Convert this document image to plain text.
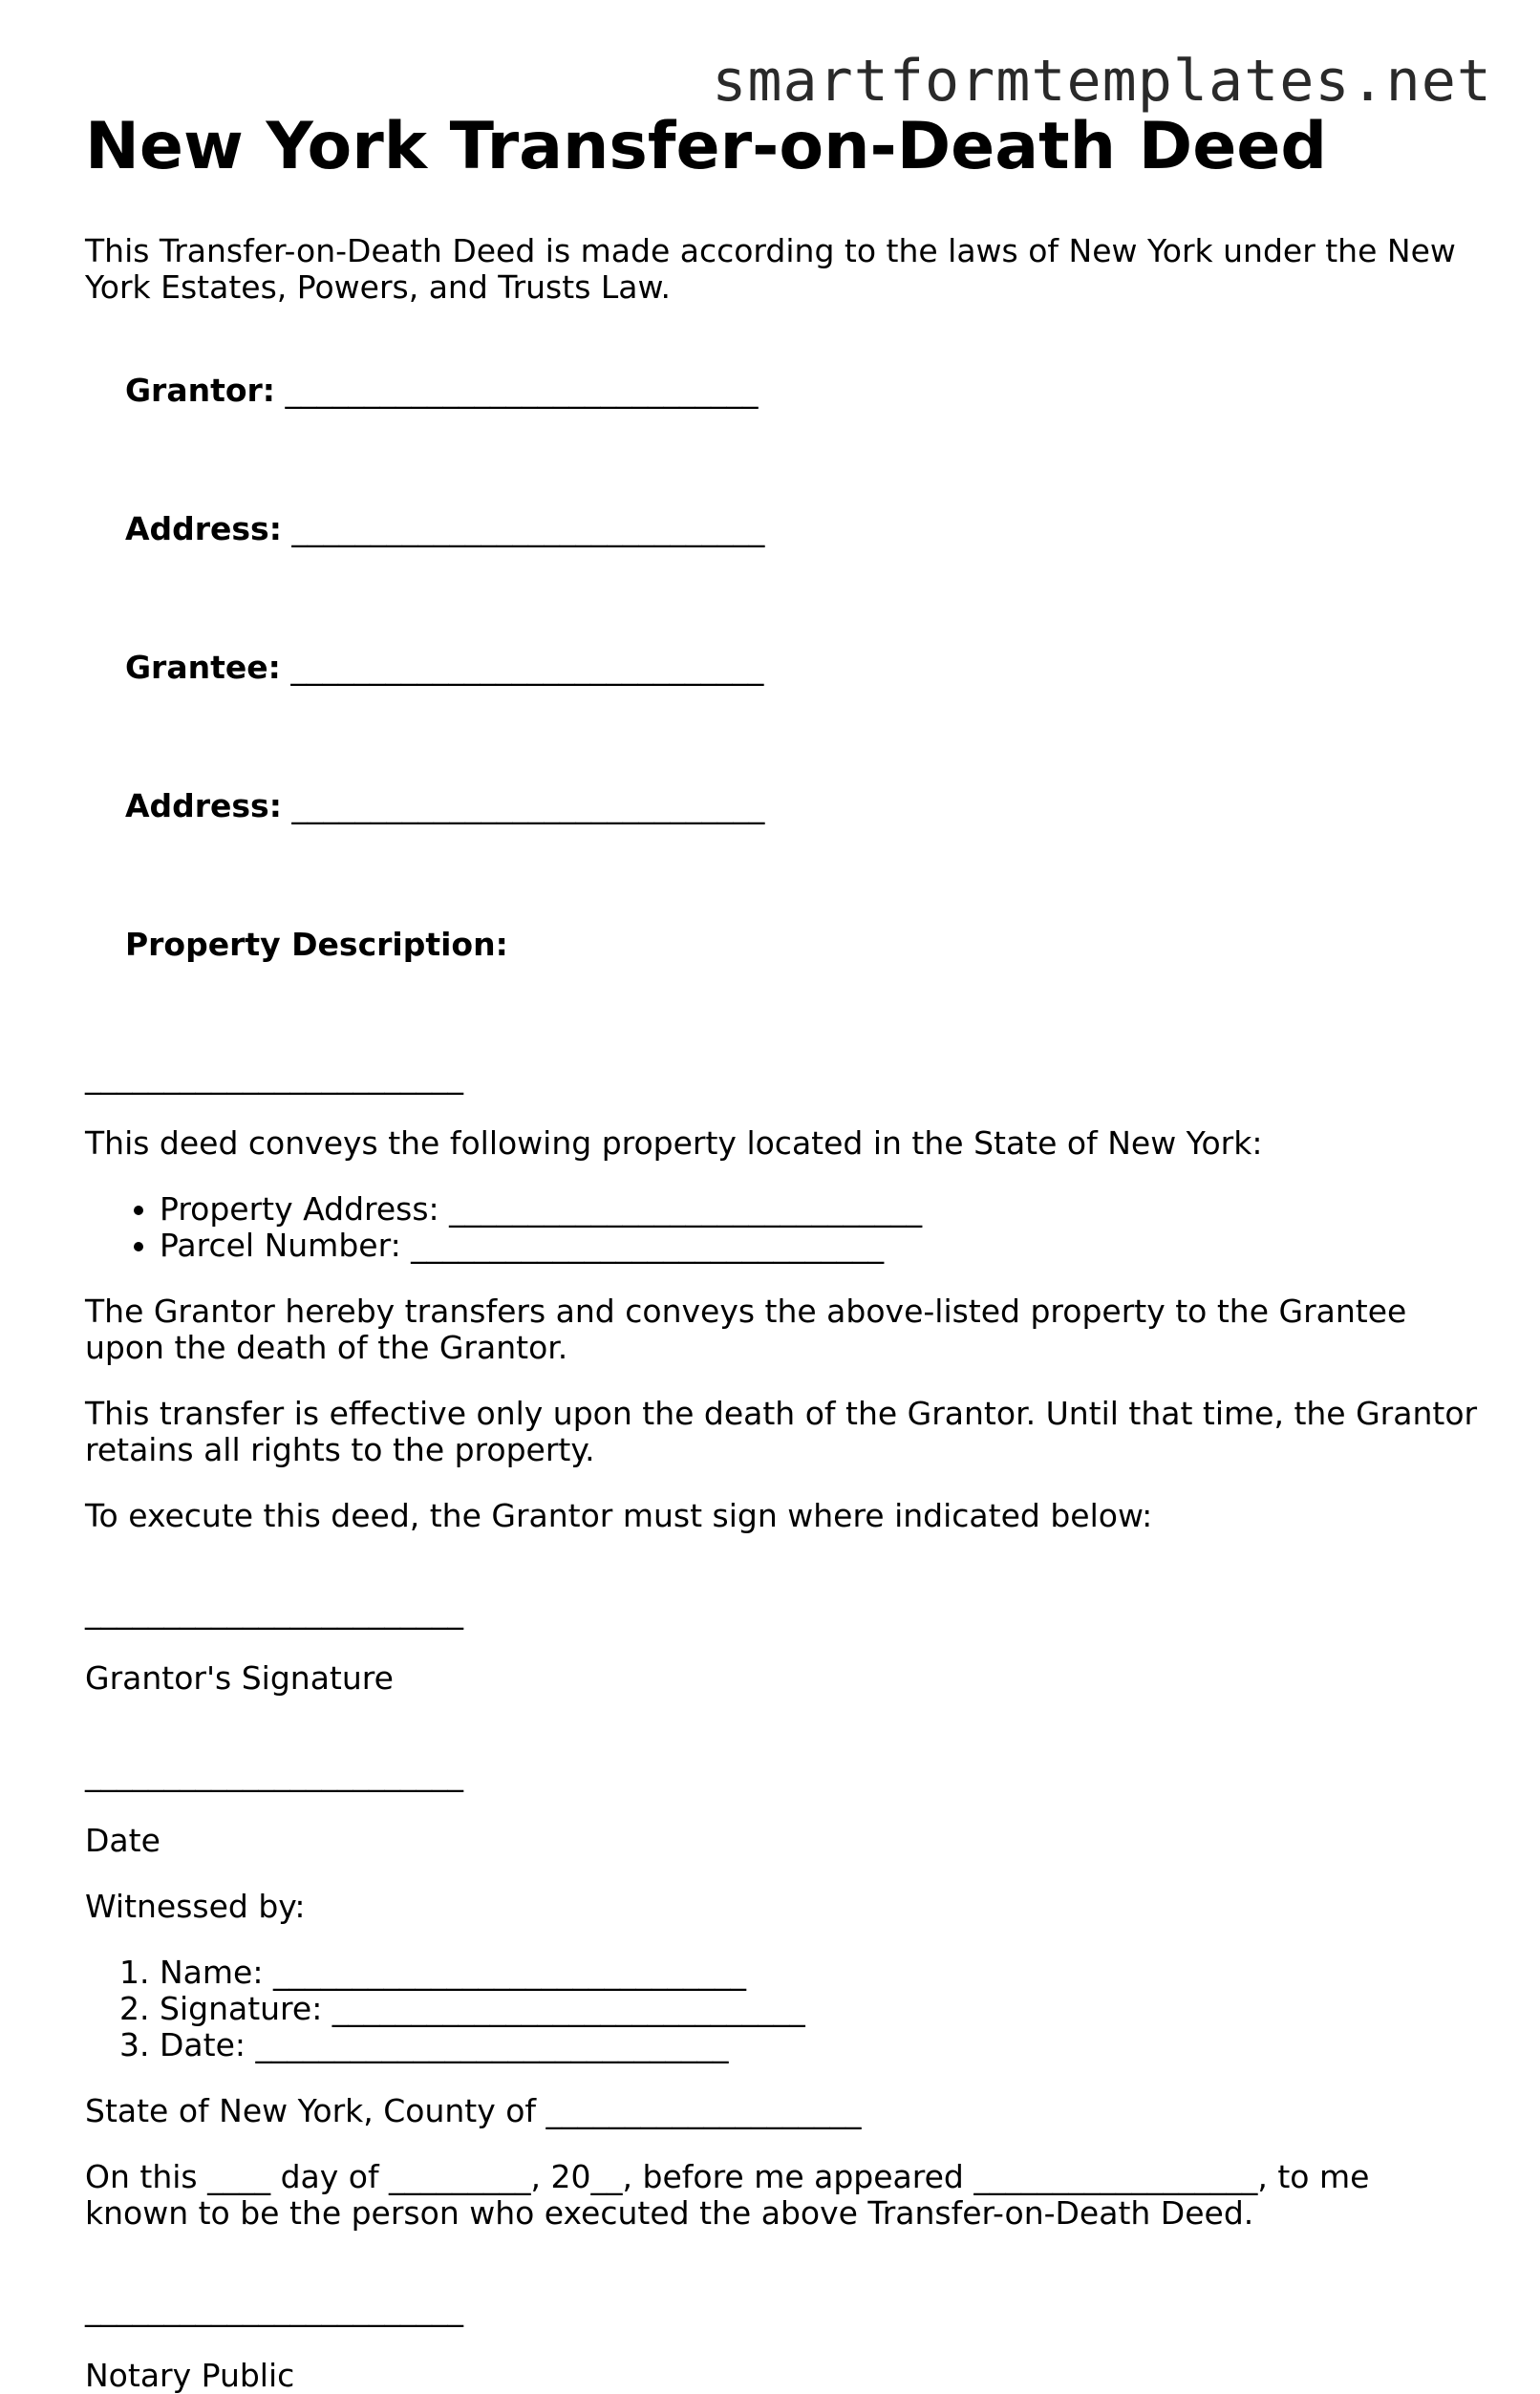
smartformtemplates.net
New York Transfer-on-Death Deed
This Transfer-on-Death Deed is made according to the laws of New York under the New York Estates, Powers, and Trusts Law.

Grantor: ______________________________

Address: ______________________________

Grantee: ______________________________

Address: ______________________________

Property Description:

________________________
This deed conveys the following property located in the State of New York:
• Property Address: ______________________________
• Parcel Number: ______________________________
The Grantor hereby transfers and conveys the above-listed property to the Grantee upon the death of the Grantor.
This transfer is effective only upon the death of the Grantor. Until that time, the Grantor retains all rights to the property.
To execute this deed, the Grantor must sign where indicated below:
________________________
Grantor's Signature
________________________
Date
Witnessed by:
1. Name: ______________________________
2. Signature: ______________________________
3. Date: ______________________________
State of New York, County of ____________________
On this ____ day of _________, 20__, before me appeared __________________, to me known to be the person who executed the above Transfer-on-Death Deed.
________________________
Notary Public
